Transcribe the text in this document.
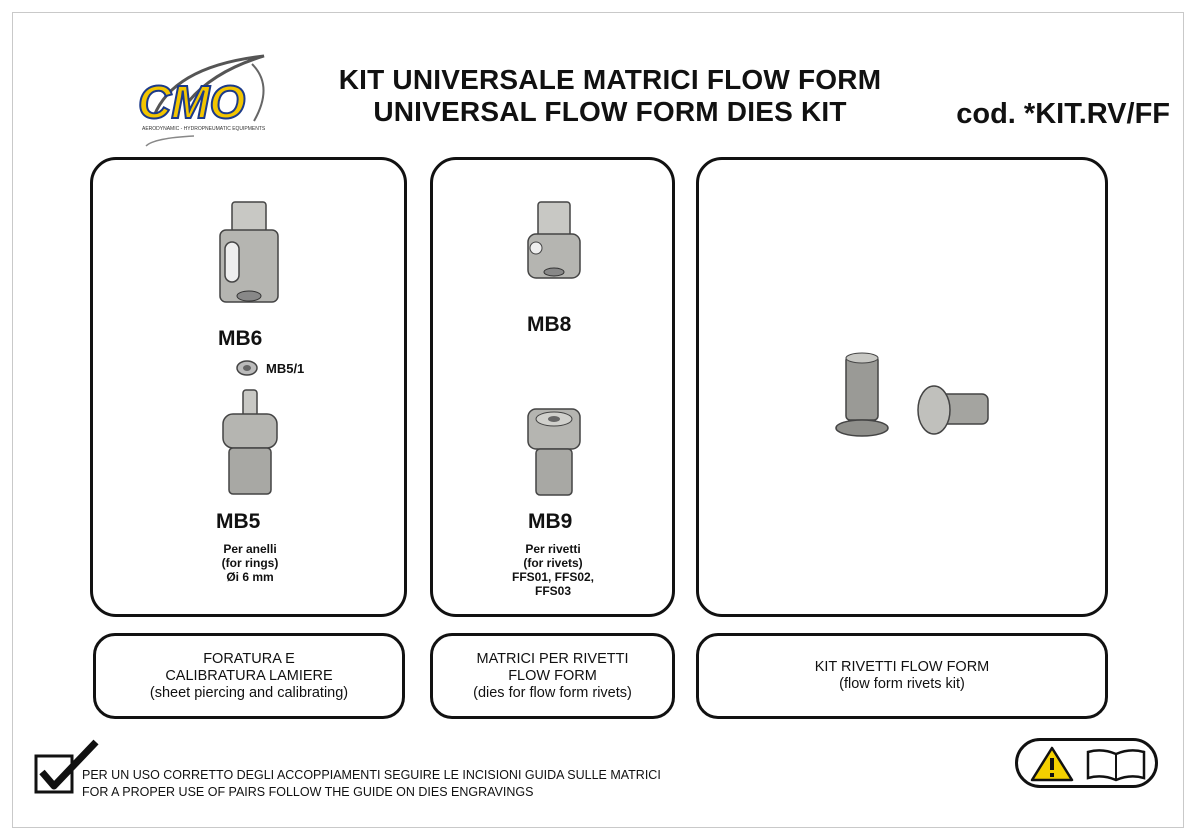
CMO
AERODYNAMIC - HYDROPNEUMATIC EQUIPMENTS
KIT UNIVERSALE MATRICI FLOW FORM
UNIVERSAL FLOW FORM DIES KIT	cod. *KIT.RV/FF
MB6
MB5/1
MB5
Per anelli
(for rings)
Øi 6 mm
MB8
MB9
Per rivetti
(for rivets)
FFS01, FFS02,
FFS03
FORATURA E
CALIBRATURA LAMIERE
(sheet piercing and calibrating)
MATRICI PER RIVETTI
FLOW FORM
(dies for flow form rivets)
KIT RIVETTI FLOW FORM
(flow form rivets kit)
PER UN USO CORRETTO DEGLI ACCOPPIAMENTI SEGUIRE LE INCISIONI GUIDA SULLE MATRICI
FOR A PROPER USE OF PAIRS FOLLOW THE GUIDE ON DIES ENGRAVINGS
